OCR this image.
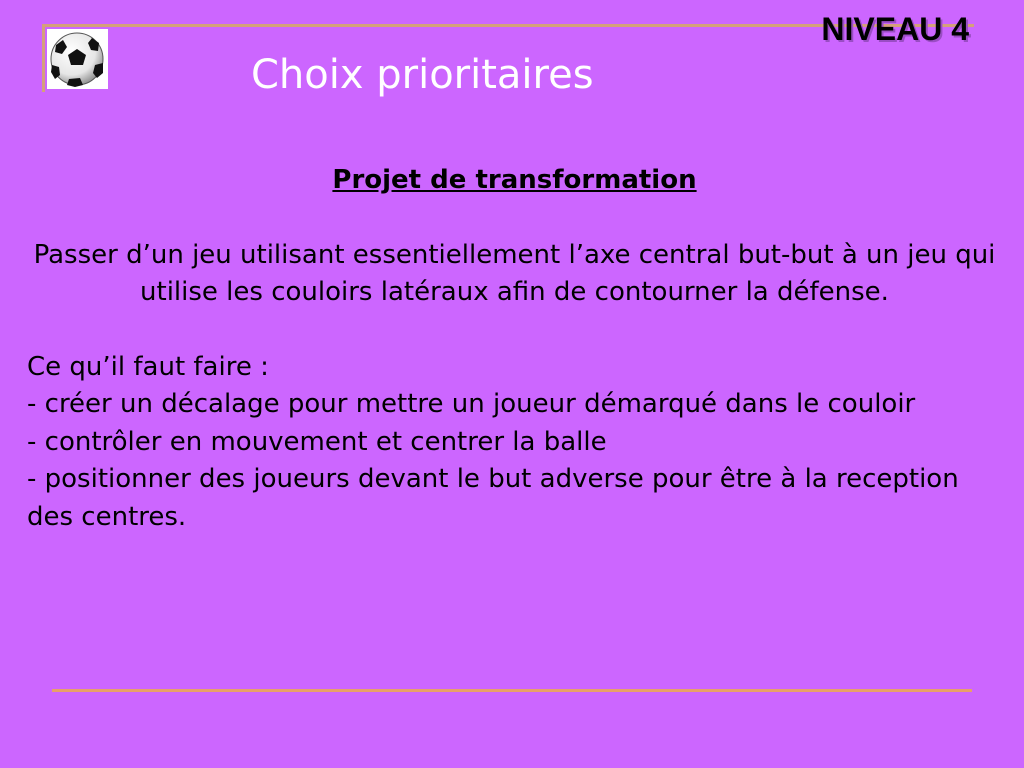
NIVEAU 4
Choix prioritaires
Projet de transformation
Passer d’un jeu utilisant essentiellement l’axe central but-but à un jeu qui utilise les couloirs latéraux afin de contourner la défense.
Ce qu’il faut faire :
- créer un décalage pour mettre un joueur démarqué dans le couloir
- contrôler en mouvement et centrer la balle
- positionner des joueurs devant le but adverse pour être à la reception des centres.
